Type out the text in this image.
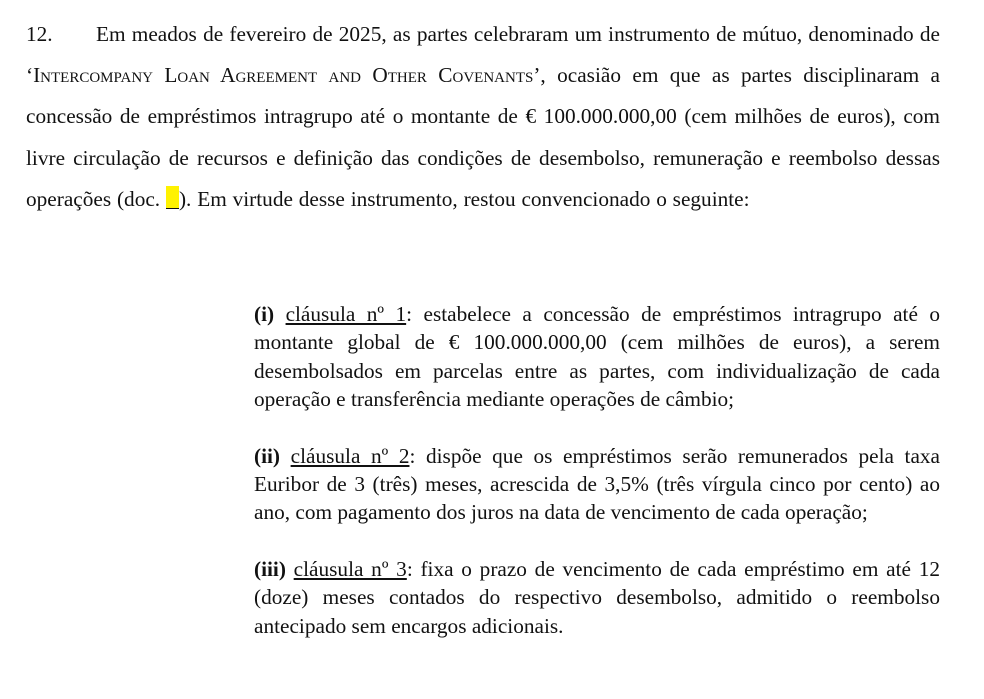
12. Em meados de fevereiro de 2025, as partes celebraram um instrumento de mútuo, denominado de ‘Intercompany Loan Agreement and Other Covenants’, ocasião em que as partes disciplinaram a concessão de empréstimos intragrupo até o montante de € 100.000.000,00 (cem milhões de euros), com livre circulação de recursos e definição das condições de desembolso, remuneração e reembolso dessas operações (doc. ). Em virtude desse instrumento, restou convencionado o seguinte:

(i) cláusula nº 1: estabelece a concessão de empréstimos intragrupo até o montante global de € 100.000.000,00 (cem milhões de euros), a serem desembolsados em parcelas entre as partes, com individualização de cada operação e transferência mediante operações de câmbio;

(ii) cláusula nº 2: dispõe que os empréstimos serão remunerados pela taxa Euribor de 3 (três) meses, acrescida de 3,5% (três vírgula cinco por cento) ao ano, com pagamento dos juros na data de vencimento de cada operação;

(iii) cláusula nº 3: fixa o prazo de vencimento de cada empréstimo em até 12 (doze) meses contados do respectivo desembolso, admitido o reembolso antecipado sem encargos adicionais.
